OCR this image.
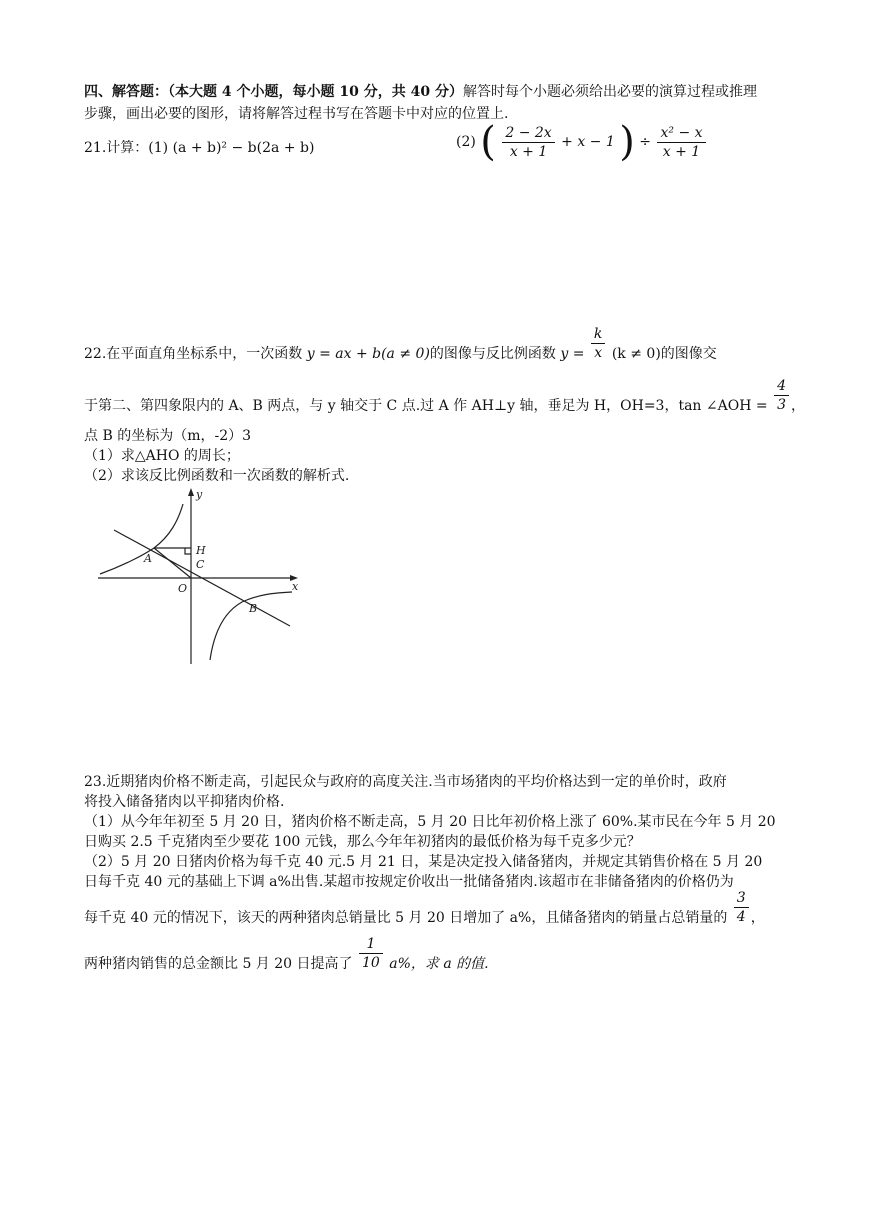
四、解答题：（本大题 4 个小题，每小题 10 分，共 40 分）解答时每个小题必须给出必要的演算过程或推理
步骤，画出必要的图形，请将解答过程书写在答题卡中对应的位置上.
21.计算：(1) (a + b)² − b(2a + b)	(2) ( $\frac{2 - 2x}{x + 1} + x - 1$ ) ÷ $\frac{\text{x² − x}}{x + 1}$
22.在平面直角坐标系中，一次函数 y = ax + b(a ≠ 0)的图像与反比例函数 $y = \frac{k}{x} (k \ne 0)$的图像交
于第二、第四象限内的 A、B 两点，与 y 轴交于 C 点.过 A 作 AH⊥y 轴，垂足为 H，OH=3，tan ∠AOH = $\frac{4}{3}$ ，
点 B 的坐标为（m，-2）3
（1）求△AHO 的周长；
（2）求该反比例函数和一次函数的解析式.
y
x
A
H
C
O
B
23.近期猪肉价格不断走高，引起民众与政府的高度关注.当市场猪肉的平均价格达到一定的单价时，政府
将投入储备猪肉以平抑猪肉价格.
（1）从今年年初至 5 月 20 日，猪肉价格不断走高，5 月 20 日比年初价格上涨了 60%.某市民在今年 5 月 20
日购买 2.5 千克猪肉至少要花 100 元钱，那么今年年初猪肉的最低价格为每千克多少元？
（2）5 月 20 日猪肉价格为每千克 40 元.5 月 21 日，某是决定投入储备猪肉，并规定其销售价格在 5 月 20
日每千克 40 元的基础上下调 a%出售.某超市按规定价收出一批储备猪肉.该超市在非储备猪肉的价格仍为
每千克 40 元的情况下，该天的两种猪肉总销量比 5 月 20 日增加了 a%，且储备猪肉的销量占总销量的 $\frac{3}{4}$ ，
两种猪肉销售的总金额比 5 月 20 日提高了 $\frac{1}{10} a\%$，求 a 的值.
